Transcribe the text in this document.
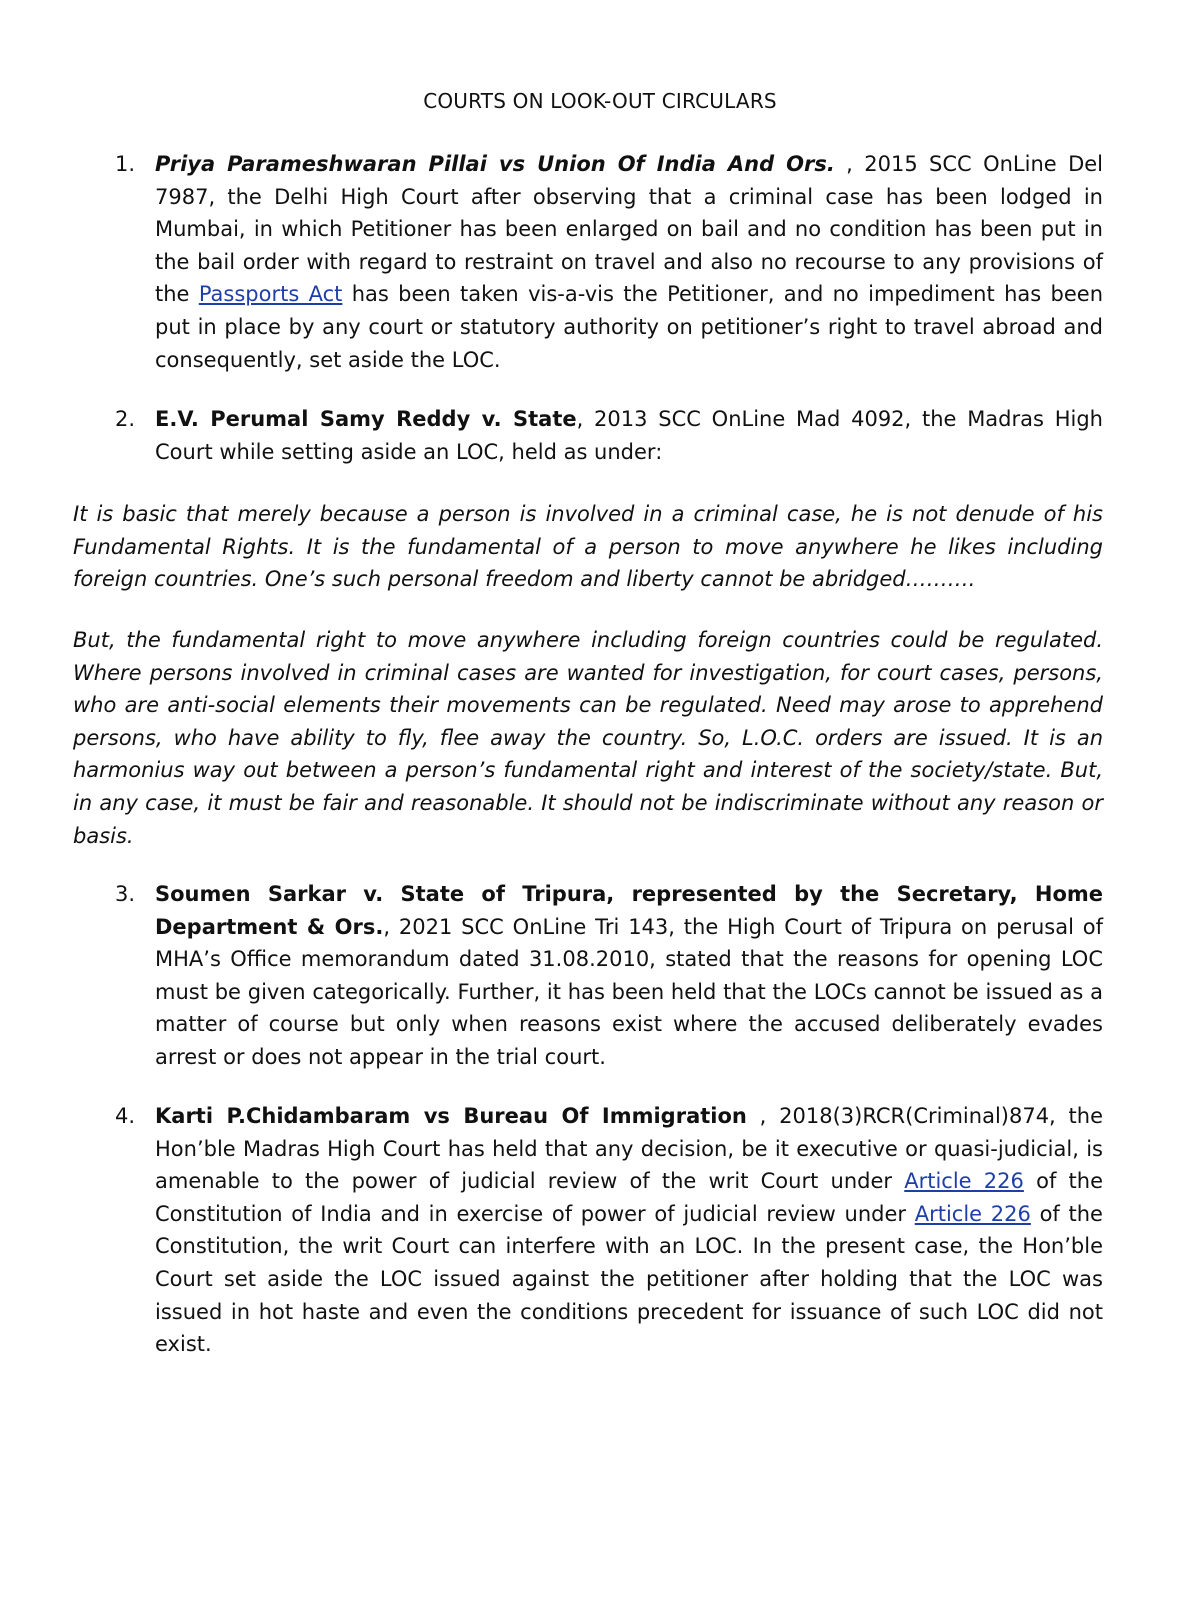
COURTS ON LOOK-OUT CIRCULARS
1. Priya Parameshwaran Pillai vs Union Of India And Ors. , 2015 SCC OnLine Del 7987, the Delhi High Court after observing that a criminal case has been lodged in Mumbai, in which Petitioner has been enlarged on bail and no condition has been put in the bail order with regard to restraint on travel and also no recourse to any provisions of the Passports Act has been taken vis-a-vis the Petitioner, and no impediment has been put in place by any court or statutory authority on petitioner’s right to travel abroad and consequently, set aside the LOC.
2. E.V. Perumal Samy Reddy v. State, 2013 SCC OnLine Mad 4092, the Madras High Court while setting aside an LOC, held as under:
It is basic that merely because a person is involved in a criminal case, he is not denude of his Fundamental Rights. It is the fundamental of a person to move anywhere he likes including foreign countries. One’s such personal freedom and liberty cannot be abridged……….
But, the fundamental right to move anywhere including foreign countries could be regulated. Where persons involved in criminal cases are wanted for investigation, for court cases, persons, who are anti-social elements their movements can be regulated. Need may arose to apprehend persons, who have ability to fly, flee away the country. So, L.O.C. orders are issued. It is an harmonius way out between a person’s fundamental right and interest of the society/state. But, in any case, it must be fair and reasonable. It should not be indiscriminate without any reason or basis.
3. Soumen Sarkar v. State of Tripura, represented by the Secretary, Home Department & Ors., 2021 SCC OnLine Tri 143, the High Court of Tripura on perusal of MHA’s Office memorandum dated 31.08.2010, stated that the reasons for opening LOC must be given categorically. Further, it has been held that the LOCs cannot be issued as a matter of course but only when reasons exist where the accused deliberately evades arrest or does not appear in the trial court.
4. Karti P.Chidambaram vs Bureau Of Immigration , 2018(3)RCR(Criminal)874, the Hon’ble Madras High Court has held that any decision, be it executive or quasi-judicial, is amenable to the power of judicial review of the writ Court under Article 226 of the Constitution of India and in exercise of power of judicial review under Article 226 of the Constitution, the writ Court can interfere with an LOC. In the present case, the Hon’ble Court set aside the LOC issued against the petitioner after holding that the LOC was issued in hot haste and even the conditions precedent for issuance of such LOC did not exist.
